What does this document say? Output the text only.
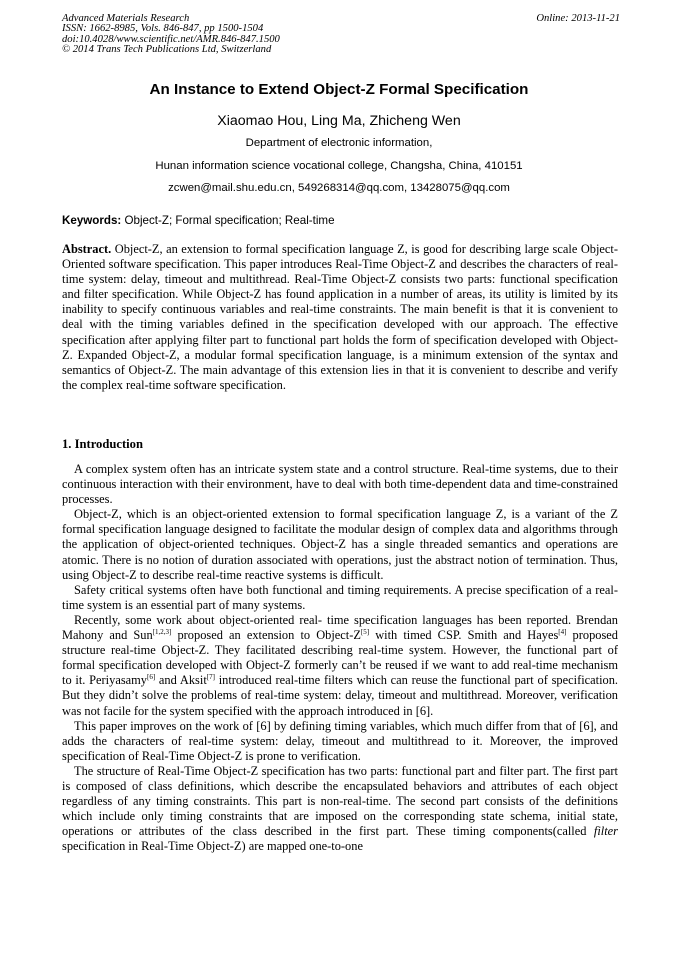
Advanced Materials Research
ISSN: 1662-8985, Vols. 846-847, pp 1500-1504
doi:10.4028/www.scientific.net/AMR.846-847.1500
© 2014 Trans Tech Publications Ltd, Switzerland
Online: 2013-11-21
An Instance to Extend Object-Z Formal Specification
Xiaomao Hou, Ling Ma, Zhicheng Wen
Department of electronic information,
Hunan information science vocational college, Changsha, China, 410151
zcwen@mail.shu.edu.cn, 549268314@qq.com, 13428075@qq.com
Keywords: Object-Z; Formal specification; Real-time
Abstract. Object-Z, an extension to formal specification language Z, is good for describing large scale Object-Oriented software specification. This paper introduces Real-Time Object-Z and describes the characters of real-time system: delay, timeout and multithread. Real-Time Object-Z consists two parts: functional specification and filter specification. While Object-Z has found application in a number of areas, its utility is limited by its inability to specify continuous variables and real-time constraints. The main benefit is that it is convenient to deal with the timing variables defined in the specification developed with our approach. The effective specification after applying filter part to functional part holds the form of specification developed with Object-Z. Expanded Object-Z, a modular formal specification language, is a minimum extension of the syntax and semantics of Object-Z. The main advantage of this extension lies in that it is convenient to describe and verify the complex real-time software specification.
1. Introduction

A complex system often has an intricate system state and a control structure. Real-time systems, due to their continuous interaction with their environment, have to deal with both time-dependent data and time-constrained processes.

Object-Z, which is an object-oriented extension to formal specification language Z, is a variant of the Z formal specification language designed to facilitate the modular design of complex data and algorithms through the application of object-oriented techniques. Object-Z has a single threaded semantics and operations are atomic. There is no notion of duration associated with operations, just the abstract notion of termination. Thus, using Object-Z to describe real-time reactive systems is difficult.

Safety critical systems often have both functional and timing requirements. A precise specification of a real-time system is an essential part of many systems.

Recently, some work about object-oriented real- time specification languages has been reported. Brendan Mahony and Sun[1,2,3] proposed an extension to Object-Z[5] with timed CSP. Smith and Hayes[4] proposed structure real-time Object-Z. They facilitated describing real-time system. However, the functional part of formal specification developed with Object-Z formerly can’t be reused if we want to add real-time mechanism to it. Periyasamy[6] and Aksit[7] introduced real-time filters which can reuse the functional part of specification. But they didn’t solve the problems of real-time system: delay, timeout and multithread. Moreover, verification was not facile for the system specified with the approach introduced in [6].

This paper improves on the work of [6] by defining timing variables, which much differ from that of [6], and adds the characters of real-time system: delay, timeout and multithread to it. Moreover, the improved specification of Real-Time Object-Z is prone to verification.

The structure of Real-Time Object-Z specification has two parts: functional part and filter part. The first part is composed of class definitions, which describe the encapsulated behaviors and attributes of each object regardless of any timing constraints. This part is non-real-time. The second part consists of the definitions which include only timing constraints that are imposed on the corresponding state schema, initial state, operations or attributes of the class described in the first part. These timing components(called filter specification in Real-Time Object-Z) are mapped one-to-one
